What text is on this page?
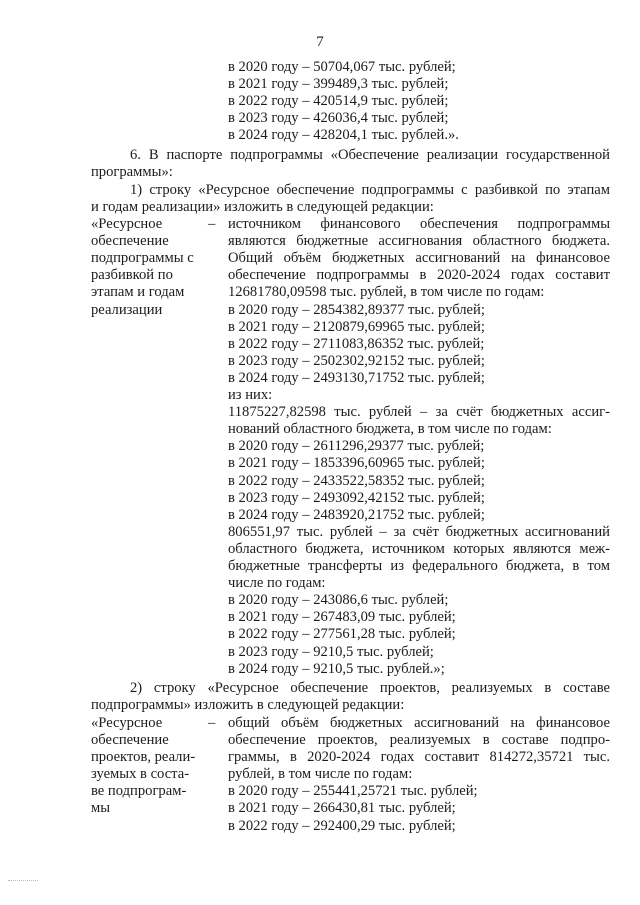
7
в 2020 году – 50704,067 тыс. рублей;
в 2021 году – 399489,3 тыс. рублей;
в 2022 году – 420514,9 тыс. рублей;
в 2023 году – 426036,4 тыс. рублей;
в 2024 году – 428204,1 тыс. рублей.».
6. В паспорте подпрограммы «Обеспечение реализации государственной
программы»:
1) строку «Ресурсное обеспечение подпрограммы с разбивкой по этапам
и годам реализации» изложить в следующей редакции:
«Ресурсное
обеспечение
подпрограммы с
разбивкой по
этапам и годам
реализации
– источником финансового обеспечения подпрограммы
являются бюджетные ассигнования областного бюджета.
Общий объём бюджетных ассигнований на финансовое
обеспечение подпрограммы в 2020-2024 годах составит
12681780,09598 тыс. рублей, в том числе по годам:
в 2020 году – 2854382,89377 тыс. рублей;
в 2021 году – 2120879,69965 тыс. рублей;
в 2022 году – 2711083,86352 тыс. рублей;
в 2023 году – 2502302,92152 тыс. рублей;
в 2024 году – 2493130,71752 тыс. рублей;
из них:
11875227,82598 тыс. рублей – за счёт бюджетных ассиг-
нований областного бюджета, в том числе по годам:
в 2020 году – 2611296,29377 тыс. рублей;
в 2021 году – 1853396,60965 тыс. рублей;
в 2022 году – 2433522,58352 тыс. рублей;
в 2023 году – 2493092,42152 тыс. рублей;
в 2024 году – 2483920,21752 тыс. рублей;
806551,97 тыс. рублей – за счёт бюджетных ассигнований
областного бюджета, источником которых являются меж-
бюджетные трансферты из федерального бюджета, в том
числе по годам:
в 2020 году – 243086,6 тыс. рублей;
в 2021 году – 267483,09 тыс. рублей;
в 2022 году – 277561,28 тыс. рублей;
в 2023 году – 9210,5 тыс. рублей;
в 2024 году – 9210,5 тыс. рублей.»;
2) строку «Ресурсное обеспечение проектов, реализуемых в составе
подпрограммы» изложить в следующей редакции:
«Ресурсное
обеспечение
проектов, реали-
зуемых в соста-
ве подпрограм-
мы
– общий объём бюджетных ассигнований на финансовое
обеспечение проектов, реализуемых в составе подпро-
граммы, в 2020-2024 годах составит 814272,35721 тыс.
рублей, в том числе по годам:
в 2020 году – 255441,25721 тыс. рублей;
в 2021 году – 266430,81 тыс. рублей;
в 2022 году – 292400,29 тыс. рублей;
